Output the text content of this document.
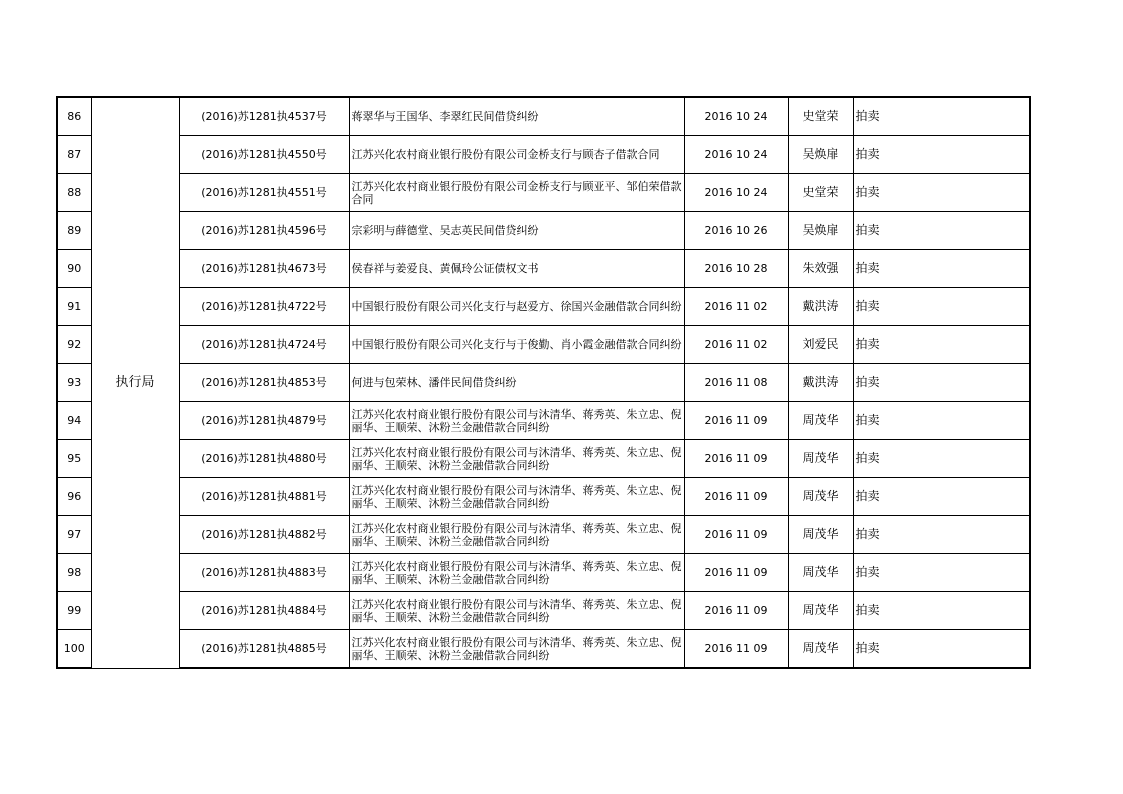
86	执行局	(2016)苏1281执4537号	蒋翠华与王国华、李翠红民间借贷纠纷	2016 10 24	史堂荣	拍卖
87		(2016)苏1281执4550号	江苏兴化农村商业银行股份有限公司金桥支行与顾杏子借款合同	2016 10 24	吴焕扉	拍卖
88		(2016)苏1281执4551号	江苏兴化农村商业银行股份有限公司金桥支行与顾亚平、邹伯荣借款合同	2016 10 24	史堂荣	拍卖
89		(2016)苏1281执4596号	宗彩明与薛德堂、吴志英民间借贷纠纷	2016 10 26	吴焕扉	拍卖
90		(2016)苏1281执4673号	侯春祥与姜爱良、黄佩玲公证债权文书	2016 10 28	朱效强	拍卖
91		(2016)苏1281执4722号	中国银行股份有限公司兴化支行与赵爱方、徐国兴金融借款合同纠纷	2016 11 02	戴洪涛	拍卖
92		(2016)苏1281执4724号	中国银行股份有限公司兴化支行与于俊勤、肖小霞金融借款合同纠纷	2016 11 02	刘爱民	拍卖
93		(2016)苏1281执4853号	何进与包荣林、潘伴民间借贷纠纷	2016 11 08	戴洪涛	拍卖
94		(2016)苏1281执4879号	江苏兴化农村商业银行股份有限公司与沐清华、蒋秀英、朱立忠、倪丽华、王顺荣、沐粉兰金融借款合同纠纷	2016 11 09	周茂华	拍卖
95		(2016)苏1281执4880号	江苏兴化农村商业银行股份有限公司与沐清华、蒋秀英、朱立忠、倪丽华、王顺荣、沐粉兰金融借款合同纠纷	2016 11 09	周茂华	拍卖
96		(2016)苏1281执4881号	江苏兴化农村商业银行股份有限公司与沐清华、蒋秀英、朱立忠、倪丽华、王顺荣、沐粉兰金融借款合同纠纷	2016 11 09	周茂华	拍卖
97		(2016)苏1281执4882号	江苏兴化农村商业银行股份有限公司与沐清华、蒋秀英、朱立忠、倪丽华、王顺荣、沐粉兰金融借款合同纠纷	2016 11 09	周茂华	拍卖
98		(2016)苏1281执4883号	江苏兴化农村商业银行股份有限公司与沐清华、蒋秀英、朱立忠、倪丽华、王顺荣、沐粉兰金融借款合同纠纷	2016 11 09	周茂华	拍卖
99		(2016)苏1281执4884号	江苏兴化农村商业银行股份有限公司与沐清华、蒋秀英、朱立忠、倪丽华、王顺荣、沐粉兰金融借款合同纠纷	2016 11 09	周茂华	拍卖
100		(2016)苏1281执4885号	江苏兴化农村商业银行股份有限公司与沐清华、蒋秀英、朱立忠、倪丽华、王顺荣、沐粉兰金融借款合同纠纷	2016 11 09	周茂华	拍卖
